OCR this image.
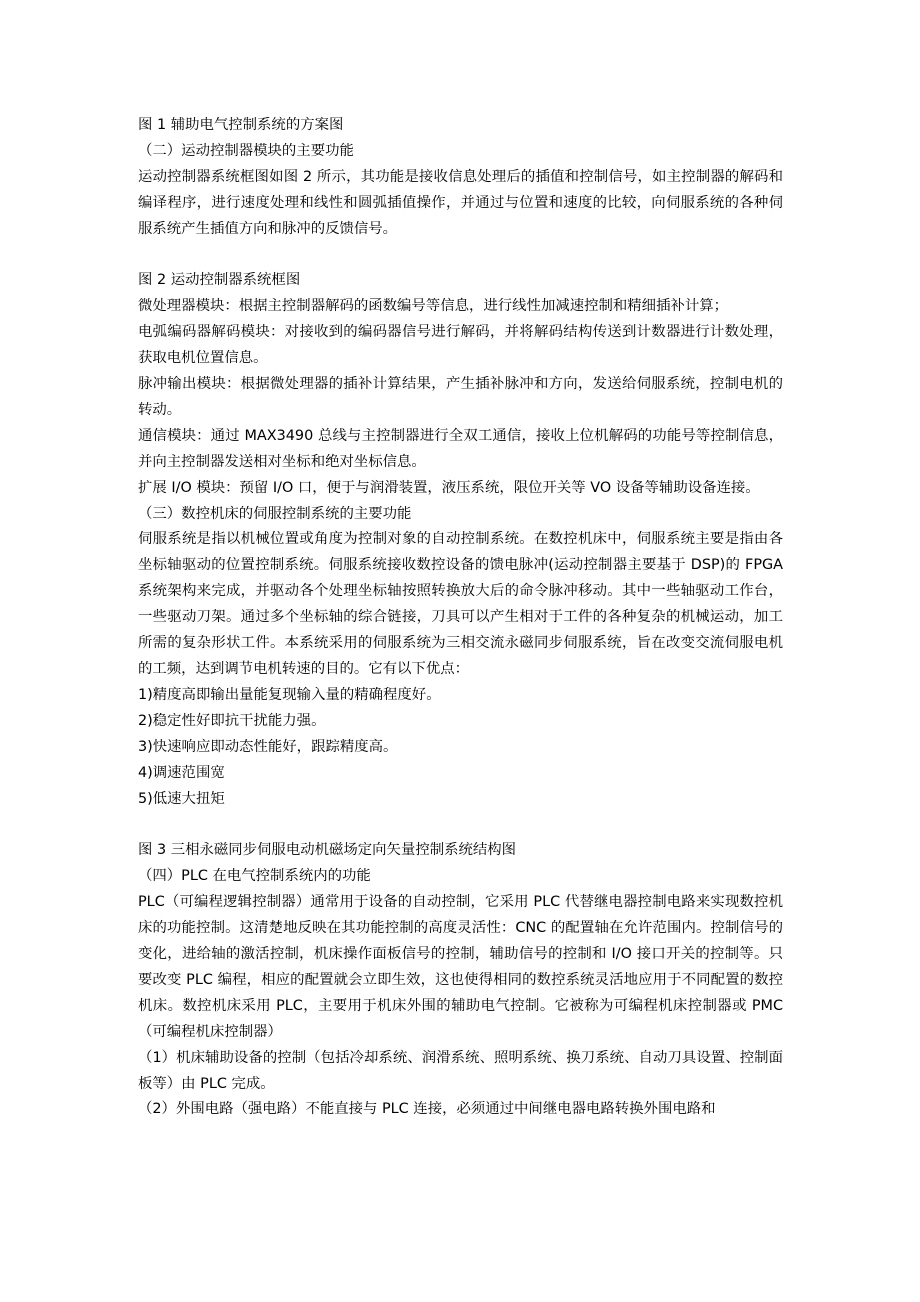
图 1 辅助电气控制系统的方案图

（二）运动控制器模块的主要功能

运动控制器系统框图如图 2 所示，其功能是接收信息处理后的插值和控制信号，如主控制器的解码和编译程序，进行速度处理和线性和圆弧插值操作，并通过与位置和速度的比较，向伺服系统的各种伺服系统产生插值方向和脉冲的反馈信号。

图 2 运动控制器系统框图

微处理器模块：根据主控制器解码的函数编号等信息，进行线性加减速控制和精细插补计算；

电弧编码器解码模块：对接收到的编码器信号进行解码，并将解码结构传送到计数器进行计数处理，获取电机位置信息。

脉冲输出模块：根据微处理器的插补计算结果，产生插补脉冲和方向，发送给伺服系统，控制电机的转动。

通信模块：通过 MAX3490 总线与主控制器进行全双工通信，接收上位机解码的功能号等控制信息，并向主控制器发送相对坐标和绝对坐标信息。

扩展 I/O 模块：预留 I/O 口，便于与润滑装置，液压系统，限位开关等 VO 设备等辅助设备连接。

（三）数控机床的伺服控制系统的主要功能

伺服系统是指以机械位置或角度为控制对象的自动控制系统。在数控机床中，伺服系统主要是指由各坐标轴驱动的位置控制系统。伺服系统接收数控设备的馈电脉冲(运动控制器主要基于 DSP)的 FPGA 系统架构来完成，并驱动各个处理坐标轴按照转换放大后的命令脉冲移动。其中一些轴驱动工作台，一些驱动刀架。通过多个坐标轴的综合链接，刀具可以产生相对于工件的各种复杂的机械运动，加工所需的复杂形状工件。本系统采用的伺服系统为三相交流永磁同步伺服系统，旨在改变交流伺服电机的工频，达到调节电机转速的目的。它有以下优点：

1)精度高即输出量能复现输入量的精确程度好。

2)稳定性好即抗干扰能力强。

3)快速响应即动态性能好，跟踪精度高。

4)调速范围宽

5)低速大扭矩

图 3 三相永磁同步伺服电动机磁场定向矢量控制系统结构图

（四）PLC 在电气控制系统内的功能

PLC（可编程逻辑控制器）通常用于设备的自动控制，它采用 PLC 代替继电器控制电路来实现数控机床的功能控制。这清楚地反映在其功能控制的高度灵活性：CNC 的配置轴在允许范围内。控制信号的变化，进给轴的激活控制，机床操作面板信号的控制，辅助信号的控制和 I/O 接口开关的控制等。只要改变 PLC 编程，相应的配置就会立即生效，这也使得相同的数控系统灵活地应用于不同配置的数控机床。数控机床采用 PLC，主要用于机床外围的辅助电气控制。它被称为可编程机床控制器或 PMC（可编程机床控制器）

（1）机床辅助设备的控制（包括冷却系统、润滑系统、照明系统、换刀系统、自动刀具设置、控制面板等）由 PLC 完成。

（2）外围电路（强电路）不能直接与 PLC 连接，必须通过中间继电器电路转换外围电路和
